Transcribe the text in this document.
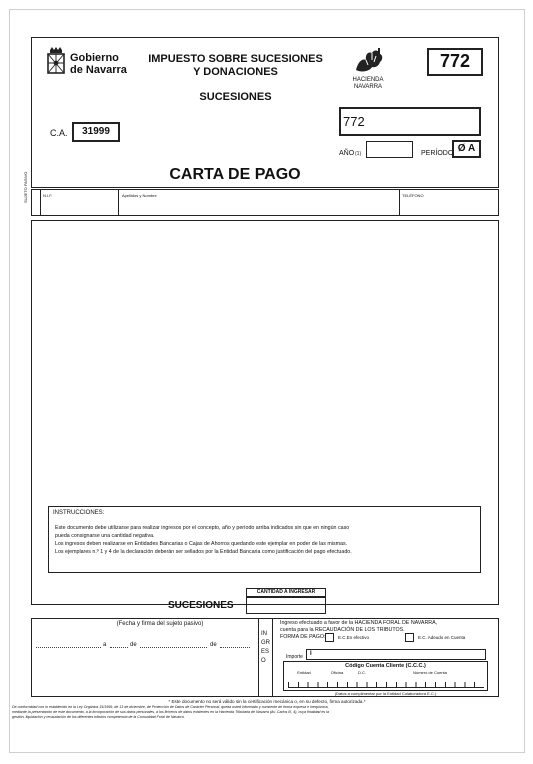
Gobierno
de Navarra
IMPUESTO SOBRE SUCESIONES
Y DONACIONES
SUCESIONES
HACIENDA
NAVARRA
772
C.A.	31999
772
AÑO (1)	PERÍODO Ø A
CARTA DE PAGO
SUJETO PASIVO	N.I.F.	Apellidos y Nombre	TELÉFONO
INSTRUCCIONES:
Este documento debe utilizarse para realizar ingresos por el concepto, año y período arriba indicados sin que en ningún caso
pueda consignarse una cantidad negativa.
Los ingresos deben realizarse en Entidades Bancarias o Cajas de Ahorros quedando este ejemplar en poder de las mismas.
Los ejemplares n.º 1 y 4 de la declaración deberán ser sellados por la Entidad Bancaria como justificación del pago efectuado.
CANTIDAD A INGRESAR
SUCESIONES
(Fecha y firma del sujeto pasivo)
a	de	de
INGRESO
Ingreso efectuado a favor de la HACIENDA FORAL DE NAVARRA,
cuenta para la RECAUDACIÓN DE LOS TRIBUTOS.
FORMA DE PAGO:	E.C.En efectivo	E.C. Adeudo en Cuenta
Importe I
Código Cuenta Cliente (C.C.C.)
Entidad	Oficina	D.C.	Número de Cuenta
(Datos a cumplimentar por la Entidad Colaboradora E.C.)
* Este documento no será válido sin la certificación mecánica o, en su defecto, firma autorizada.*
De conformidad con lo establecido en la Ley Orgánica 15/1999, de 13 de diciembre, de Protección de Datos de Carácter Personal, queda usted informado y consiente de forma expresa e inequívoca,
mediante la presentación de este documento, a la incorporación de sus datos personales, a los ficheros de datos existentes en la Hacienda Tributaria de Navarra (Av. Carlos III, 4), cuya finalidad es la
gestión, liquidación y recaudación de los diferentes tributos competencia de la Comunidad Foral de Navarra.
